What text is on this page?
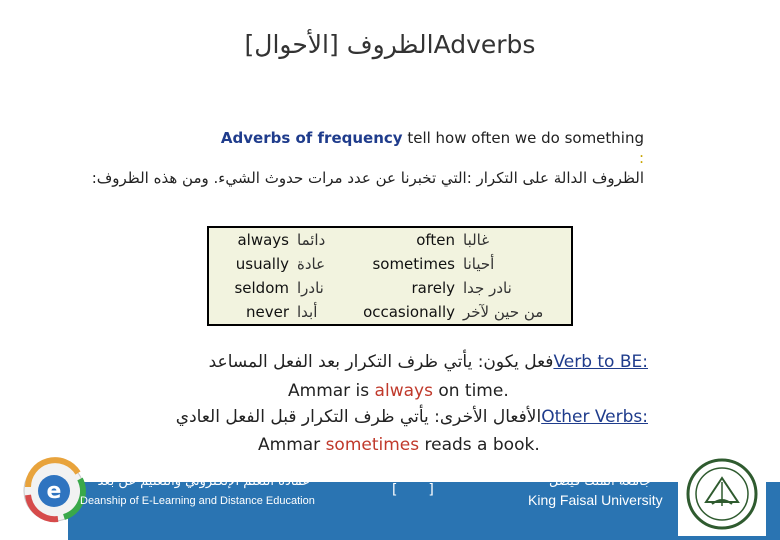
[الأحوال] الظروفAdverbs
Adverbs of frequency tell how often we do something
:
الظروف الدالة على التكرار :التي تخبرنا عن عدد مرات حدوث الشيء. ومن هذه الظروف:
always	دائما	often	غالبا
usually	عادة	sometimes	أحيانا
seldom	نادرا	rarely	نادر جدا
never	أبدا	occasionally	من حين لآخر
فعل يكون: يأتي ظرف التكرار بعد الفعل المساعدVerb to BE:
Ammar is always on time.
الأفعال الأخرى: يأتي ظرف التكرار قبل الفعل العاديOther Verbs:
Ammar sometimes reads a book.
e	عمادة التعلم الإلكتروني والتعليم عن بعد
Deanship of E-Learning and Distance Education
[ ]
جامعة الملك فيصل
King Faisal University
